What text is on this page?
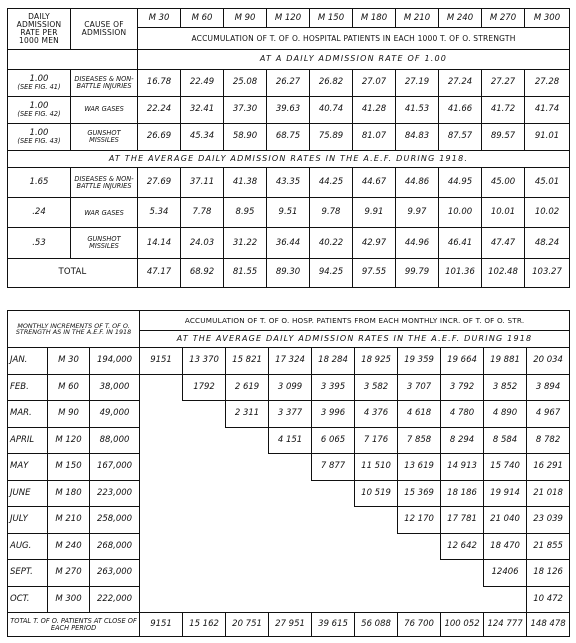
DAILY ADMISSION RATE PER 1000 MEN	CAUSE OF ADMISSION	M 30	M 60	M 90	M 120	M 150	M 180	M 210	M 240	M 270	M 300
		ACCUMULATION OF T. OF O. HOSPITAL PATIENTS IN EACH 1000 T. OF O. STRENGTH									
		AT A DAILY ADMISSION RATE OF 1.00									
1.00
(SEE FIG. 41)	DISEASES & NON-BATTLE INJURIES	16.78	22.49	25.08	26.27	26.82	27.07	27.19	27.24	27.27	27.28
1.00
(SEE FIG. 42)	WAR GASES	22.24	32.41	37.30	39.63	40.74	41.28	41.53	41.66	41.72	41.74
1.00
(SEE FIG. 43)	GUNSHOT MISSILES	26.69	45.34	58.90	68.75	75.89	81.07	84.83	87.57	89.57	91.01
AT THE AVERAGE DAILY ADMISSION RATES IN THE A.E.F. DURING 1918.											
1.65	DISEASES & NON-BATTLE INJURIES	27.69	37.11	41.38	43.35	44.25	44.67	44.86	44.95	45.00	45.01
.24	WAR GASES	5.34	7.78	8.95	9.51	9.78	9.91	9.97	10.00	10.01	10.02
.53	GUNSHOT MISSILES	14.14	24.03	31.22	36.44	40.22	42.97	44.96	46.41	47.47	48.24
TOTAL		47.17	68.92	81.55	89.30	94.25	97.55	99.79	101.36	102.48	103.27
MONTHLY INCREMENTS OF T. OF O. STRENGTH AS IN THE A.E.F. IN 1918			ACCUMULATION OF T. OF O. HOSP. PATIENTS FROM EACH MONTHLY INCR. OF T. OF O. STR.									
			AT THE AVERAGE DAILY ADMISSION RATES IN THE A.E.F. DURING 1918									
JAN.	M 30	194,000	9151	13 370	15 821	17 324	18 284	18 925	19 359	19 664	19 881	20 034
FEB.	M 60	38,000		1792	2 619	3 099	3 395	3 582	3 707	3 792	3 852	3 894
MAR.	M 90	49,000			2 311	3 377	3 996	4 376	4 618	4 780	4 890	4 967
APRIL	M 120	88,000				4 151	6 065	7 176	7 858	8 294	8 584	8 782
MAY	M 150	167,000					7 877	11 510	13 619	14 913	15 740	16 291
JUNE	M 180	223,000						10 519	15 369	18 186	19 914	21 018
JULY	M 210	258,000							12 170	17 781	21 040	23 039
AUG.	M 240	268,000								12 642	18 470	21 855
SEPT.	M 270	263,000									12406	18 126
OCT.	M 300	222,000										10 472
TOTAL T. OF O. PATIENTS AT CLOSE OF EACH PERIOD			9151	15 162	20 751	27 951	39 615	56 088	76 700	100 052	124 777	148 478
